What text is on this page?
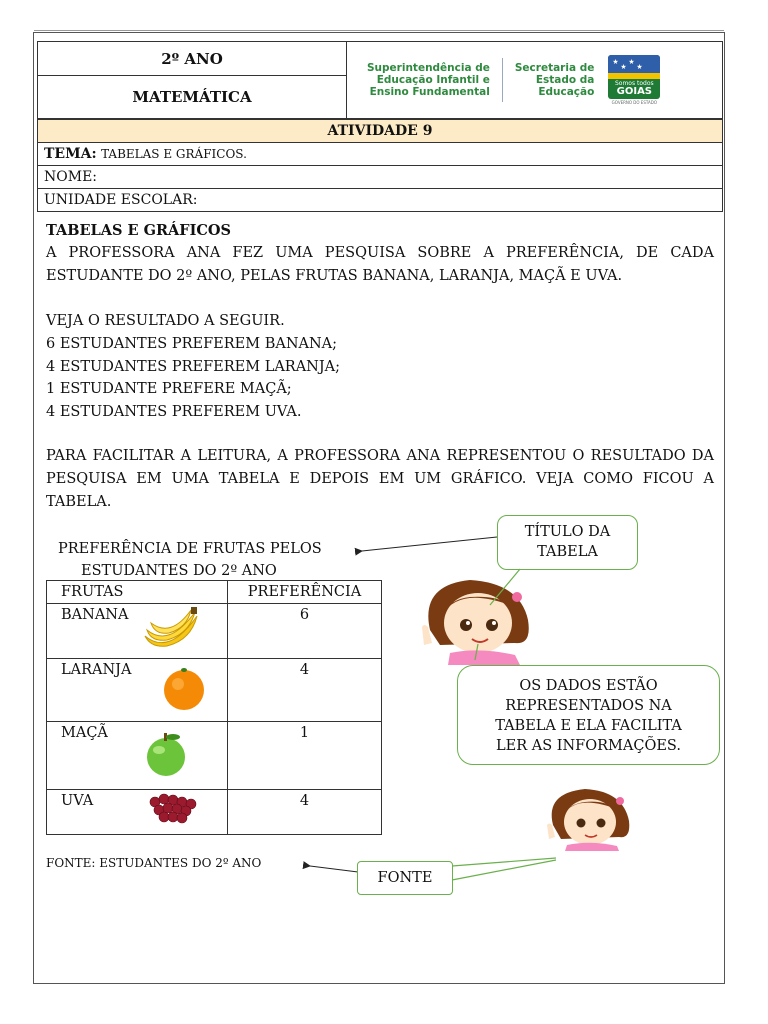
2º ANO	
Superintendência de
Educação Infantil e
Ensino Fundamental
Secretaria de
Estado da
Educação
★
★
★
★
Somos todos
GOIAS
GOVERNO DO ESTADO

MATEMÁTICA
ATIVIDADE 9
TEMA: TABELAS E GRÁFICOS.
NOME:
UNIDADE ESCOLAR:
TABELAS E GRÁFICOS
A PROFESSORA ANA FEZ UMA PESQUISA SOBRE A PREFERÊNCIA, DE CADA ESTUDANTE DO 2º ANO, PELAS FRUTAS BANANA, LARANJA, MAÇÃ E UVA.
VEJA O RESULTADO A SEGUIR.
6 ESTUDANTES PREFEREM BANANA;
4 ESTUDANTES PREFEREM LARANJA;
1 ESTUDANTE PREFERE MAÇÃ;
4 ESTUDANTES PREFEREM UVA.
PARA FACILITAR A LEITURA, A PROFESSORA ANA REPRESENTOU O RESULTADO DA PESQUISA EM UMA TABELA E DEPOIS EM UM GRÁFICO. VEJA COMO FICOU A TABELA.
PREFERÊNCIA DE FRUTAS PELOS
ESTUDANTES DO 2º ANO
FRUTAS	PREFERÊNCIA

BANANA	6

LARANJA	4

MAÇÃ	1

UVA	4
FONTE: ESTUDANTES DO 2º ANO
TÍTULO DA
TABELA
OS DADOS ESTÃO
REPRESENTADOS NA
TABELA E ELA FACILITA
LER AS INFORMAÇÕES.
FONTE
